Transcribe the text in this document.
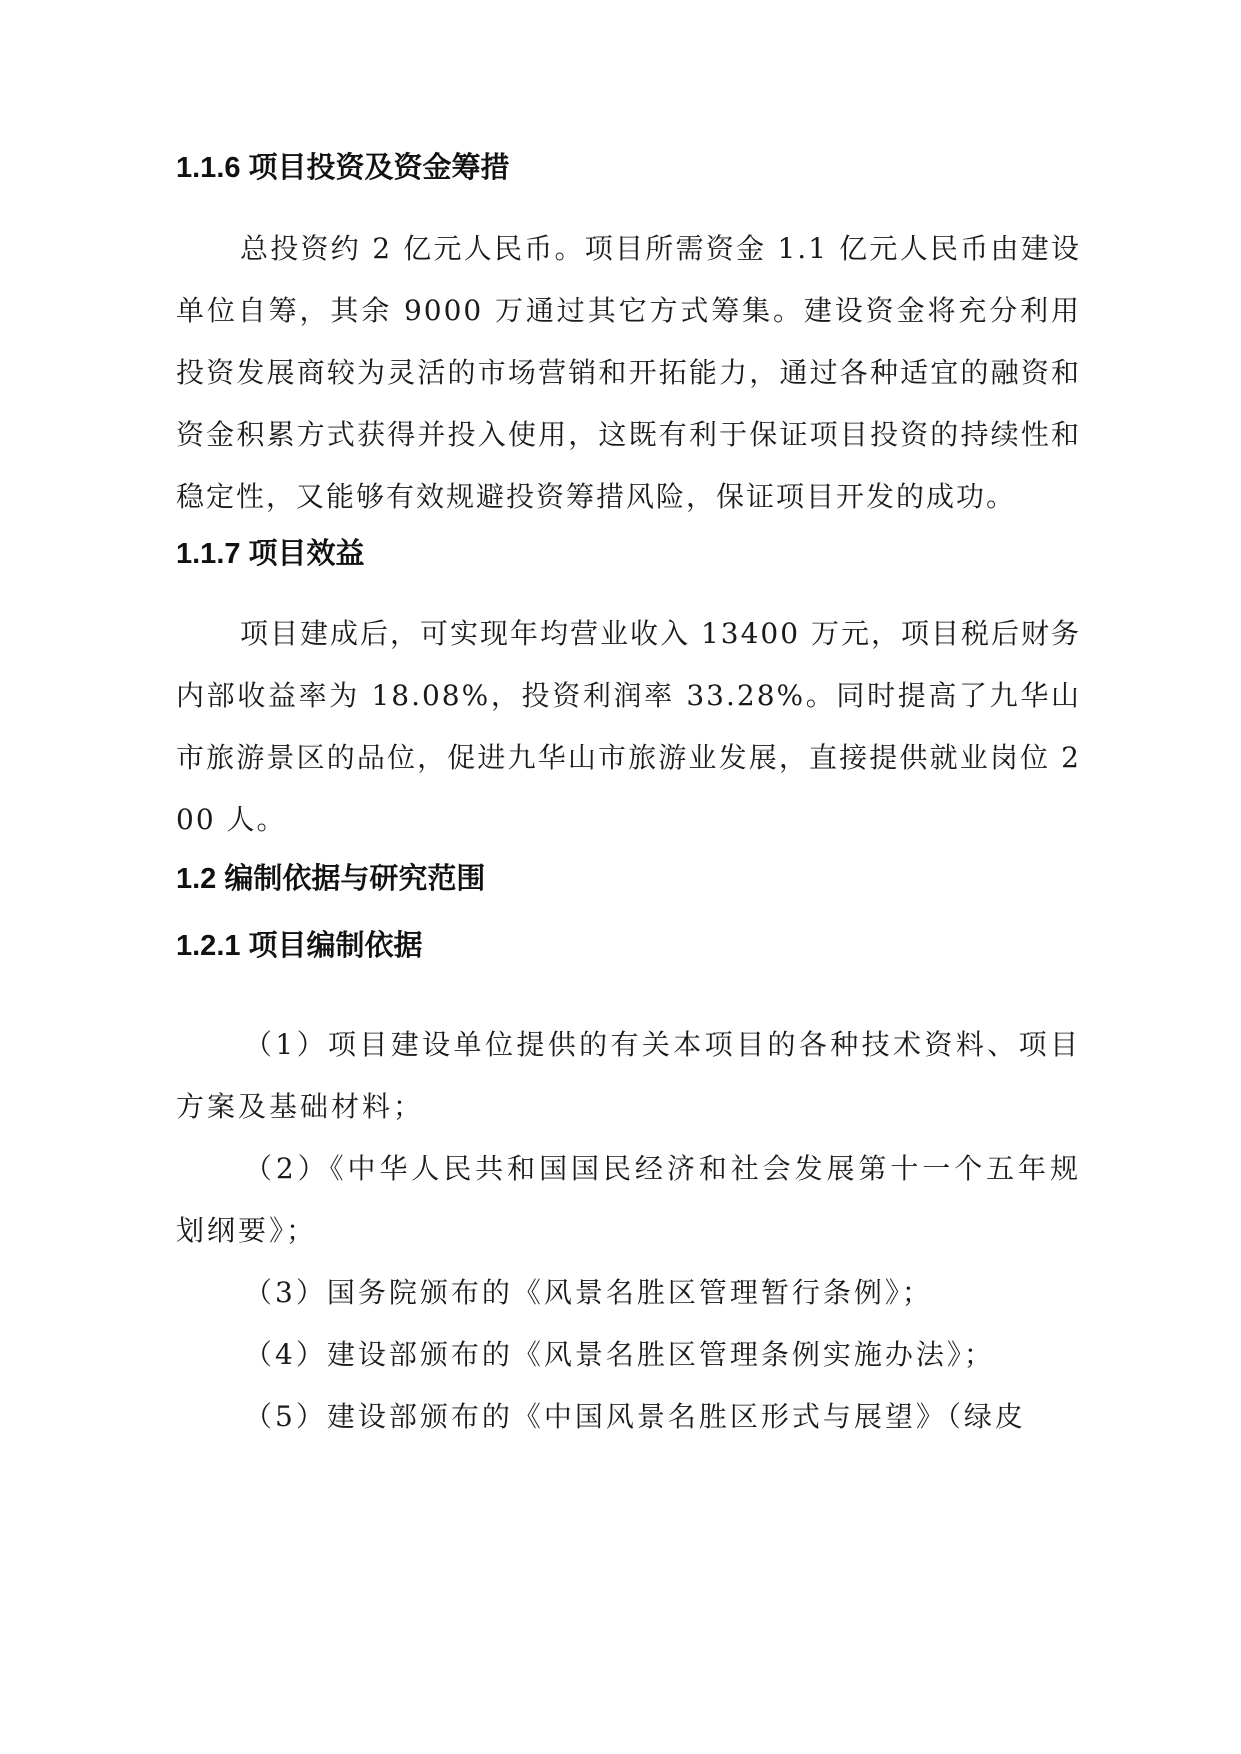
1.1.6 项目投资及资金筹措

总投资约 2 亿元人民币。项目所需资金 1.1 亿元人民币由建设单位自筹，其余 9000 万通过其它方式筹集。建设资金将充分利用投资发展商较为灵活的市场营销和开拓能力，通过各种适宜的融资和资金积累方式获得并投入使用，这既有利于保证项目投资的持续性和稳定性，又能够有效规避投资筹措风险，保证项目开发的成功。

1.1.7 项目效益

项目建成后，可实现年均营业收入 13400 万元，项目税后财务内部收益率为 18.08%，投资利润率 33.28%。同时提高了九华山市旅游景区的品位，促进九华山市旅游业发展，直接提供就业岗位 200 人。

1.2 编制依据与研究范围
1.2.1 项目编制依据

（1）项目建设单位提供的有关本项目的各种技术资料、项目方案及基础材料；

（2）《中华人民共和国国民经济和社会发展第十一个五年规划纲要》；

（3）国务院颁布的《风景名胜区管理暂行条例》；

（4）建设部颁布的《风景名胜区管理条例实施办法》；

（5）建设部颁布的《中国风景名胜区形式与展望》（绿皮
